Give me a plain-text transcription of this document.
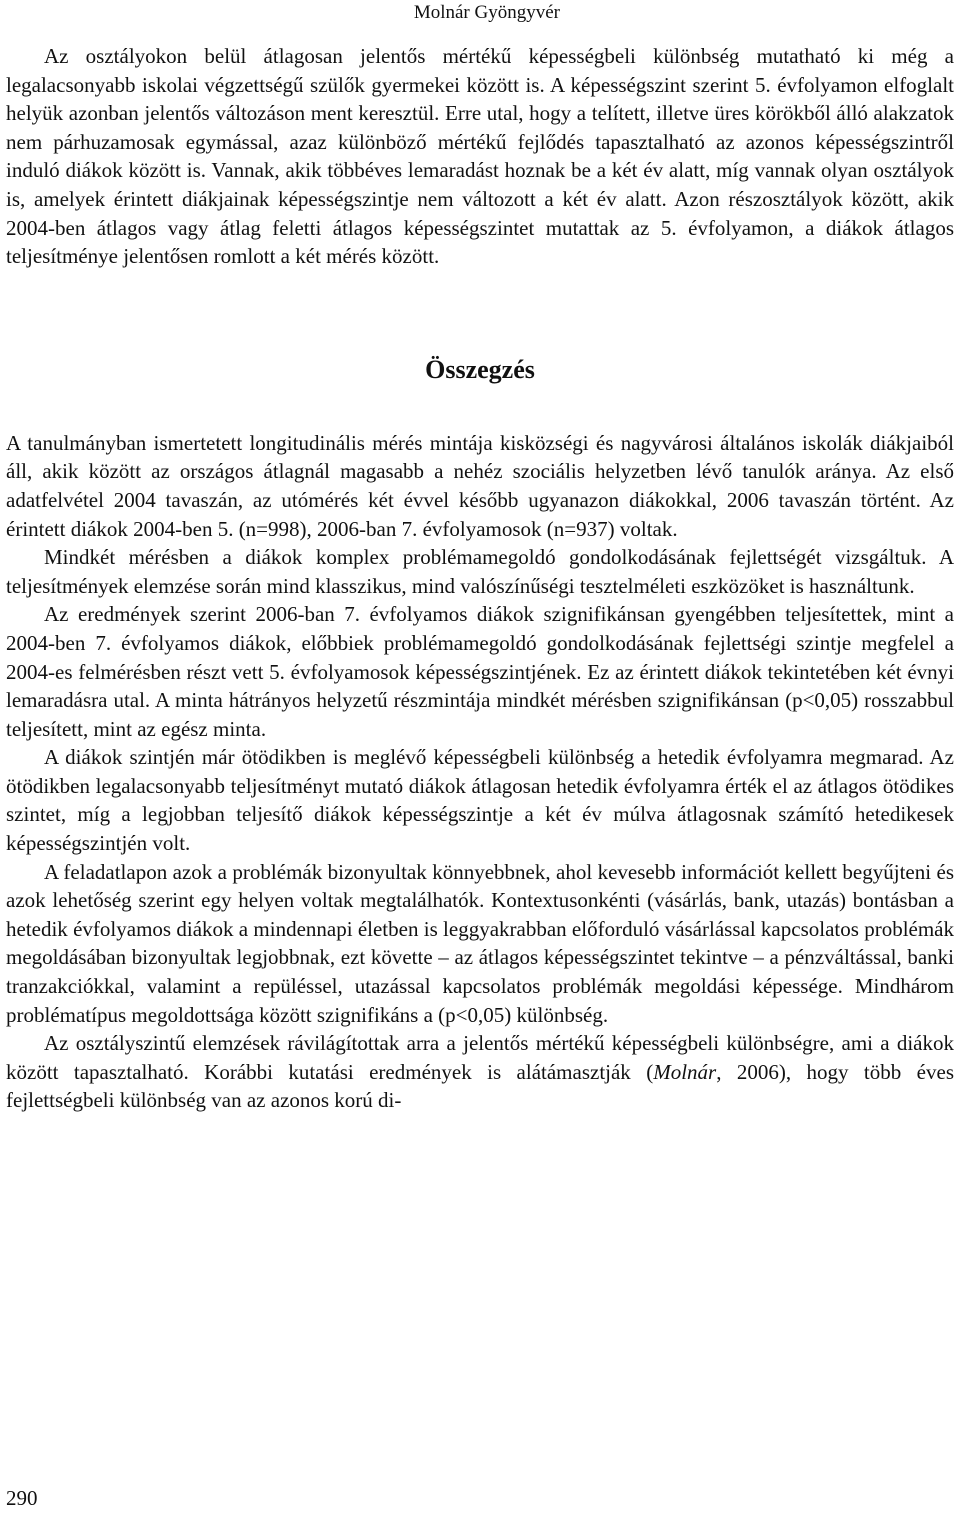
Molnár Gyöngyvér

Az osztályokon belül átlagosan jelentős mértékű képességbeli különbség mutatható ki még a legalacsonyabb iskolai végzettségű szülők gyermekei között is. A képességszint szerint 5. évfolyamon elfoglalt helyük azonban jelentős változáson ment keresztül. Erre utal, hogy a telített, illetve üres körökből álló alakzatok nem párhuzamosak egymással, azaz különböző mértékű fejlődés tapasztalható az azonos képességszintről induló diákok között is. Vannak, akik többéves lemaradást hoznak be a két év alatt, míg vannak olyan osztályok is, amelyek érintett diákjainak képességszintje nem változott a két év alatt. Azon részosztályok között, akik 2004-ben átlagos vagy átlag feletti átlagos képességszintet mutattak az 5. évfolyamon, a diákok átlagos teljesítménye jelentősen romlott a két mérés között.

Összegzés

A tanulmányban ismertetett longitudinális mérés mintája kisközségi és nagyvárosi általános iskolák diákjaiból áll, akik között az országos átlagnál magasabb a nehéz szociális helyzetben lévő tanulók aránya. Az első adatfelvétel 2004 tavaszán, az utómérés két évvel később ugyanazon diákokkal, 2006 tavaszán történt. Az érintett diákok 2004-ben 5. (n=998), 2006-ban 7. évfolyamosok (n=937) voltak.

Mindkét mérésben a diákok komplex problémamegoldó gondolkodásának fejlettségét vizsgáltuk. A teljesítmények elemzése során mind klasszikus, mind valószínűségi tesztelméleti eszközöket is használtunk.

Az eredmények szerint 2006-ban 7. évfolyamos diákok szignifikánsan gyengébben teljesítettek, mint a 2004-ben 7. évfolyamos diákok, előbbiek problémamegoldó gondolkodásának fejlettségi szintje megfelel a 2004-es felmérésben részt vett 5. évfolyamosok képességszintjének. Ez az érintett diákok tekintetében két évnyi lemaradásra utal. A minta hátrányos helyzetű részmintája mindkét mérésben szignifikánsan (p<0,05) rosszabbul teljesített, mint az egész minta.

A diákok szintjén már ötödikben is meglévő képességbeli különbség a hetedik évfolyamra megmarad. Az ötödikben legalacsonyabb teljesítményt mutató diákok átlagosan hetedik évfolyamra érték el az átlagos ötödikes szintet, míg a legjobban teljesítő diákok képességszintje a két év múlva átlagosnak számító hetedikesek képességszintjén volt.

A feladatlapon azok a problémák bizonyultak könnyebbnek, ahol kevesebb információt kellett begyűjteni és azok lehetőség szerint egy helyen voltak megtalálhatók. Kontextusonkénti (vásárlás, bank, utazás) bontásban a hetedik évfolyamos diákok a mindennapi életben is leggyakrabban előforduló vásárlással kapcsolatos problémák megoldásában bizonyultak legjobbnak, ezt követte – az átlagos képességszintet tekintve – a pénzváltással, banki tranzakciókkal, valamint a repüléssel, utazással kapcsolatos problémák megoldási képessége. Mindhárom problématípus megoldottsága között szignifikáns a (p<0,05) különbség.

Az osztályszintű elemzések rávilágítottak arra a jelentős mértékű képességbeli különbségre, ami a diákok között tapasztalható. Korábbi kutatási eredmények is alátámasztják (Molnár, 2006), hogy több éves fejlettségbeli különbség van az azonos korú di-

290
